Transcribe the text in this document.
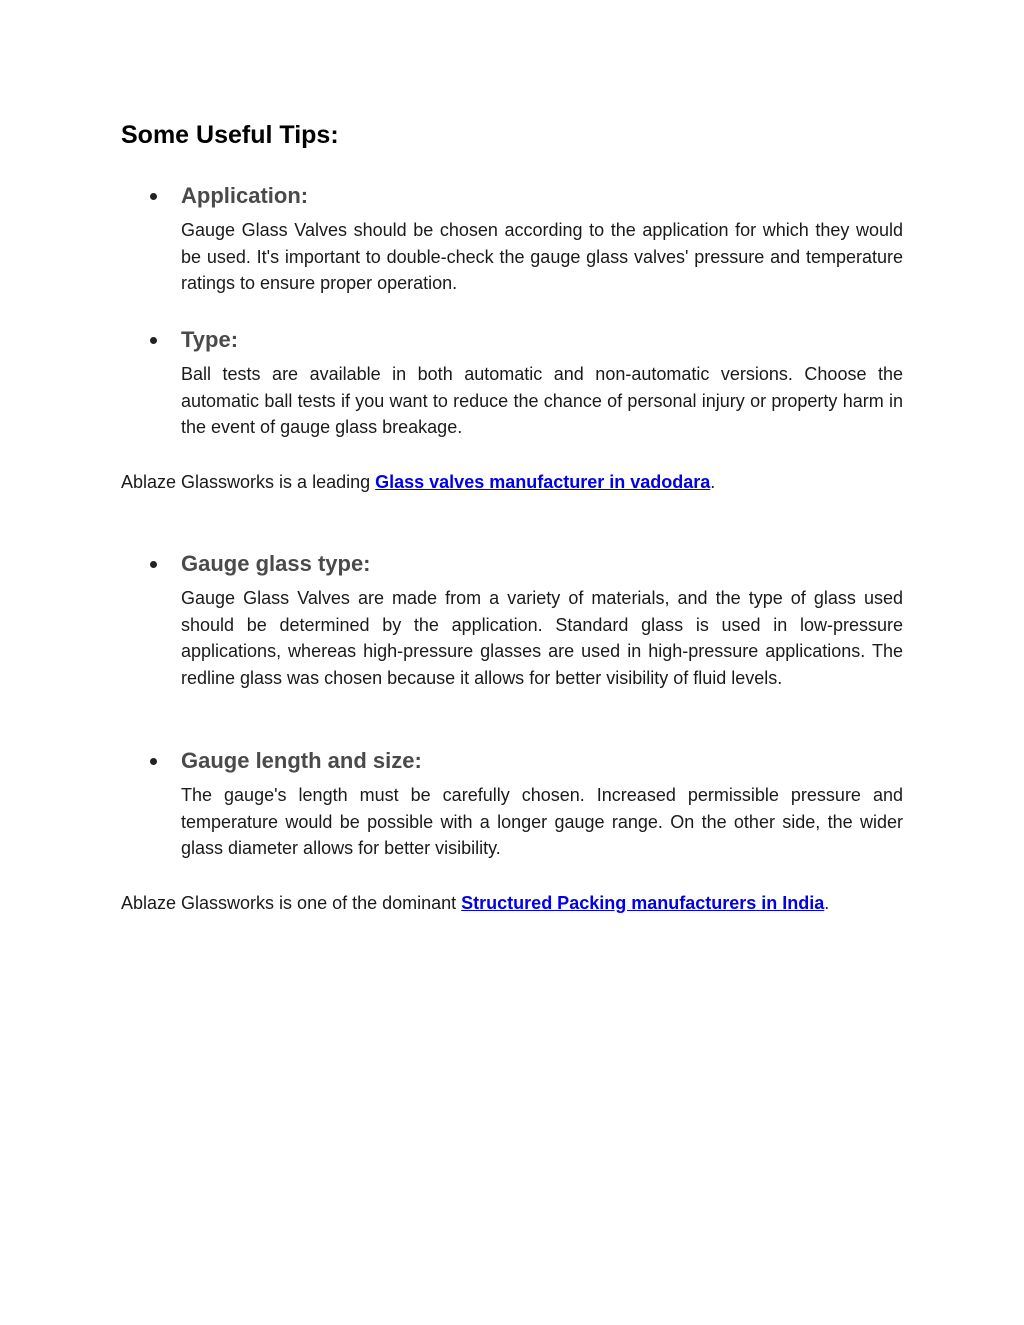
Some Useful Tips:
Application:

Gauge Glass Valves should be chosen according to the application for which they would be used. It's important to double-check the gauge glass valves' pressure and temperature ratings to ensure proper operation.

Type:

Ball tests are available in both automatic and non-automatic versions. Choose the automatic ball tests if you want to reduce the chance of personal injury or property harm in the event of gauge glass breakage.

Ablaze Glassworks is a leading Glass valves manufacturer in vadodara.

Gauge glass type:

Gauge Glass Valves are made from a variety of materials, and the type of glass used should be determined by the application. Standard glass is used in low-pressure applications, whereas high-pressure glasses are used in high-pressure applications. The redline glass was chosen because it allows for better visibility of fluid levels.

Gauge length and size:

The gauge's length must be carefully chosen. Increased permissible pressure and temperature would be possible with a longer gauge range. On the other side, the wider glass diameter allows for better visibility.

Ablaze Glassworks is one of the dominant Structured Packing manufacturers in India.
